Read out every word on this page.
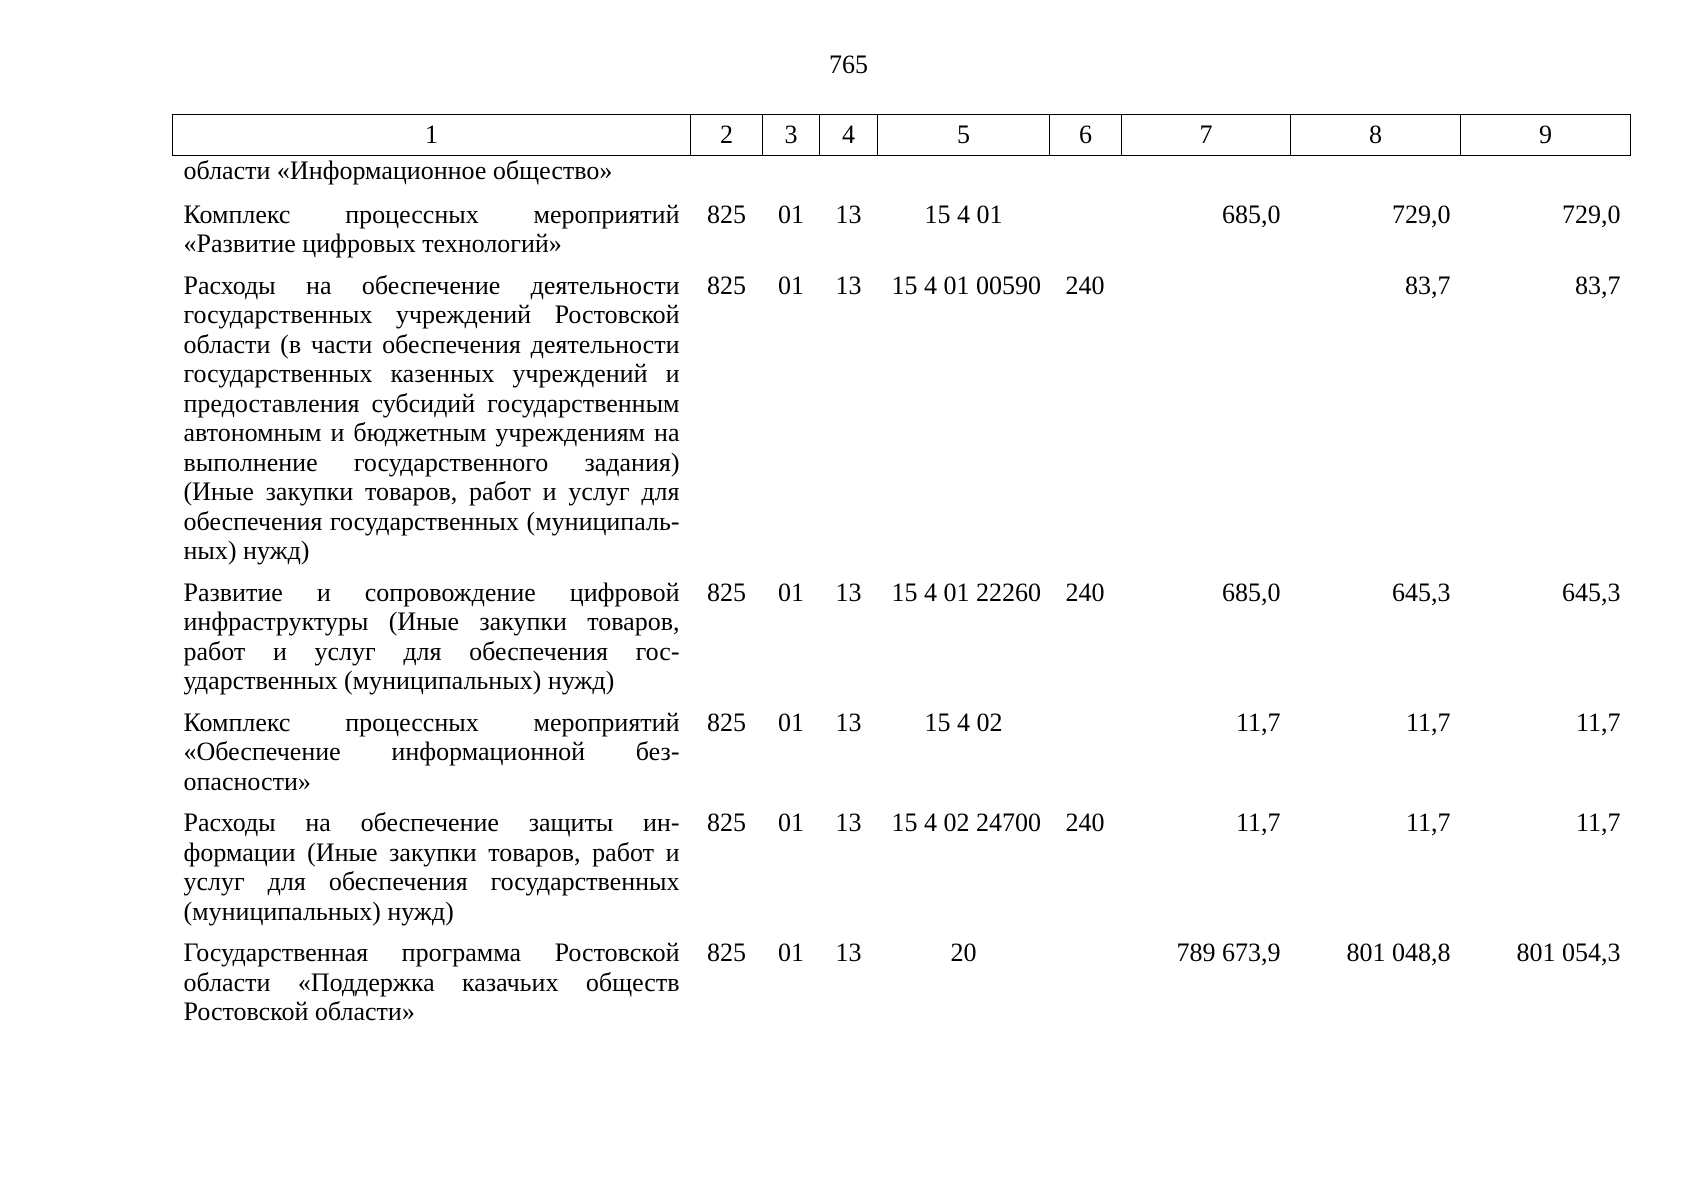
765
1	2	3	4	5	6	7	8	9
области «Информационное общество»								
Комплекс процессных мероприятий «Развитие цифровых технологий»	825	01	13	15 4 01		685,0	729,0	729,0
Расходы на обеспечение деятельности государственных учреждений Ростовской области (в части обеспечения деятельности государственных казенных учреждений и предоставления субсидий государственным автономным и бюджетным учреждениям на выполнение государственного задания) (Иные закупки товаров, работ и услуг для обеспечения государственных (муниципальных) нужд)	825	01	13	15 4 01 00590	240		83,7	83,7
Развитие и сопровождение цифровой инфраструктуры (Иные закупки товаров, работ и услуг для обеспечения государственных (муниципальных) нужд)	825	01	13	15 4 01 22260	240	685,0	645,3	645,3
Комплекс процессных мероприятий «Обеспечение информационной безопасности»	825	01	13	15 4 02		11,7	11,7	11,7
Расходы на обеспечение защиты информации (Иные закупки товаров, работ и услуг для обеспечения государственных (муниципальных) нужд)	825	01	13	15 4 02 24700	240	11,7	11,7	11,7
Государственная программа Ростовской области «Поддержка казачьих обществ Ростовской области»	825	01	13	20		789 673,9	801 048,8	801 054,3
